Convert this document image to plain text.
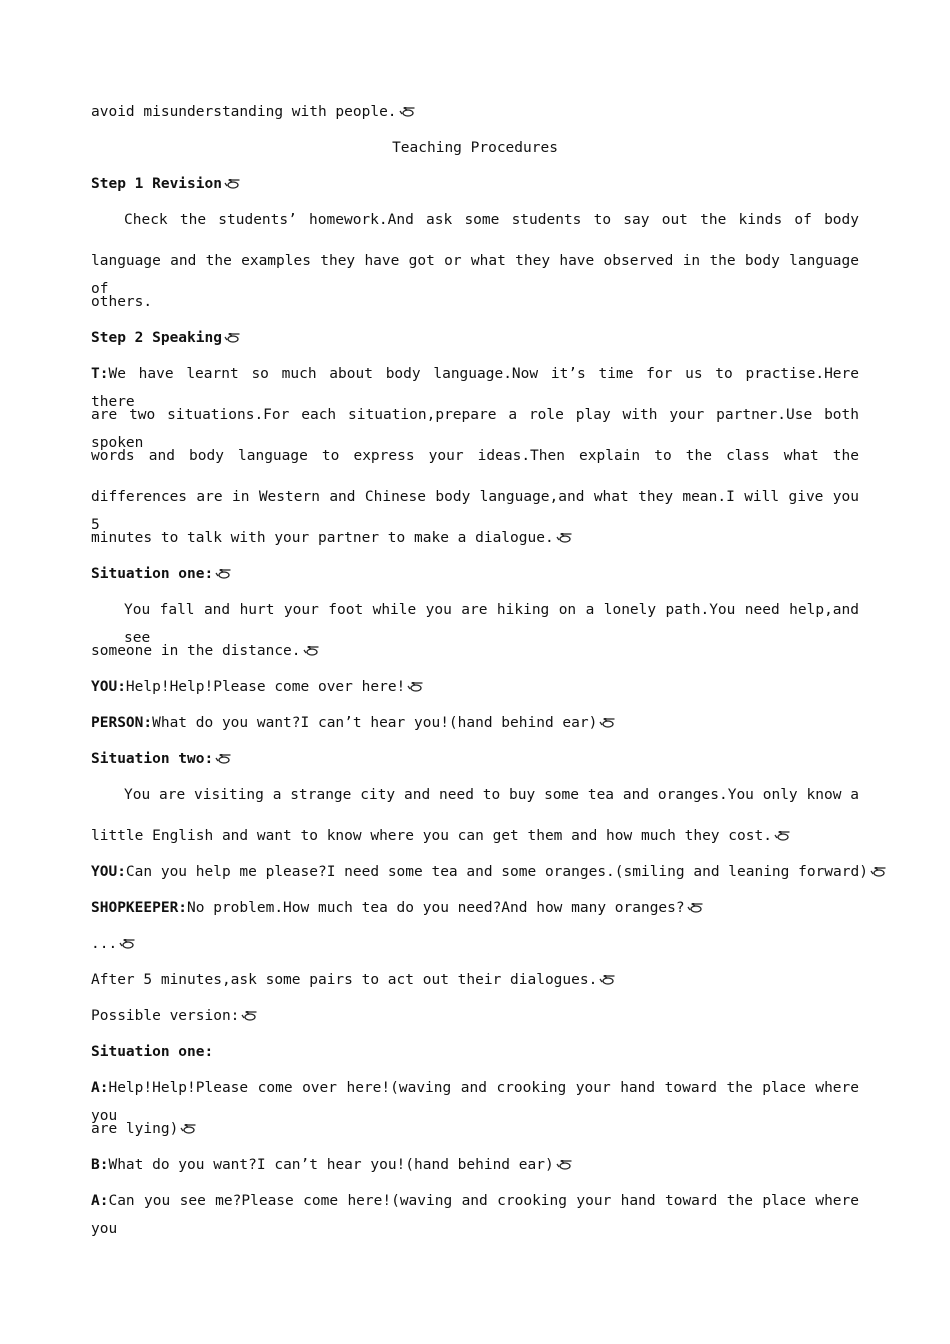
avoid misunderstanding with people.
Teaching Procedures
Step 1 Revision
Check the students’ homework.And ask some students to say out the kinds of body
language and the examples they have got or what they have observed in the body language of
others.
Step 2 Speaking
T:We have learnt so much about body language.Now it’s time for us to practise.Here there
are two situations.For each situation,prepare a role play with your partner.Use both spoken
words and body language to express your ideas.Then explain to the class what the
differences are in Western and Chinese body language,and what they mean.I will give you 5
minutes to talk with your partner to make a dialogue.
Situation one:
You fall and hurt your foot while you are hiking on a lonely path.You need help,and see
someone in the distance.
YOU:Help!Help!Please come over here!
PERSON:What do you want?I can’t hear you!(hand behind ear)
Situation two:
You are visiting a strange city and need to buy some tea and oranges.You only know a
little English and want to know where you can get them and how much they cost.
YOU:Can you help me please?I need some tea and some oranges.(smiling and leaning forward)
SHOPKEEPER:No problem.How much tea do you need?And how many oranges?
...
After 5 minutes,ask some pairs to act out their dialogues.
Possible version:
Situation one:
A:Help!Help!Please come over here!(waving and crooking your hand toward the place where you
are lying)
B:What do you want?I can’t hear you!(hand behind ear)
A:Can you see me?Please come here!(waving and crooking your hand toward the place where you
